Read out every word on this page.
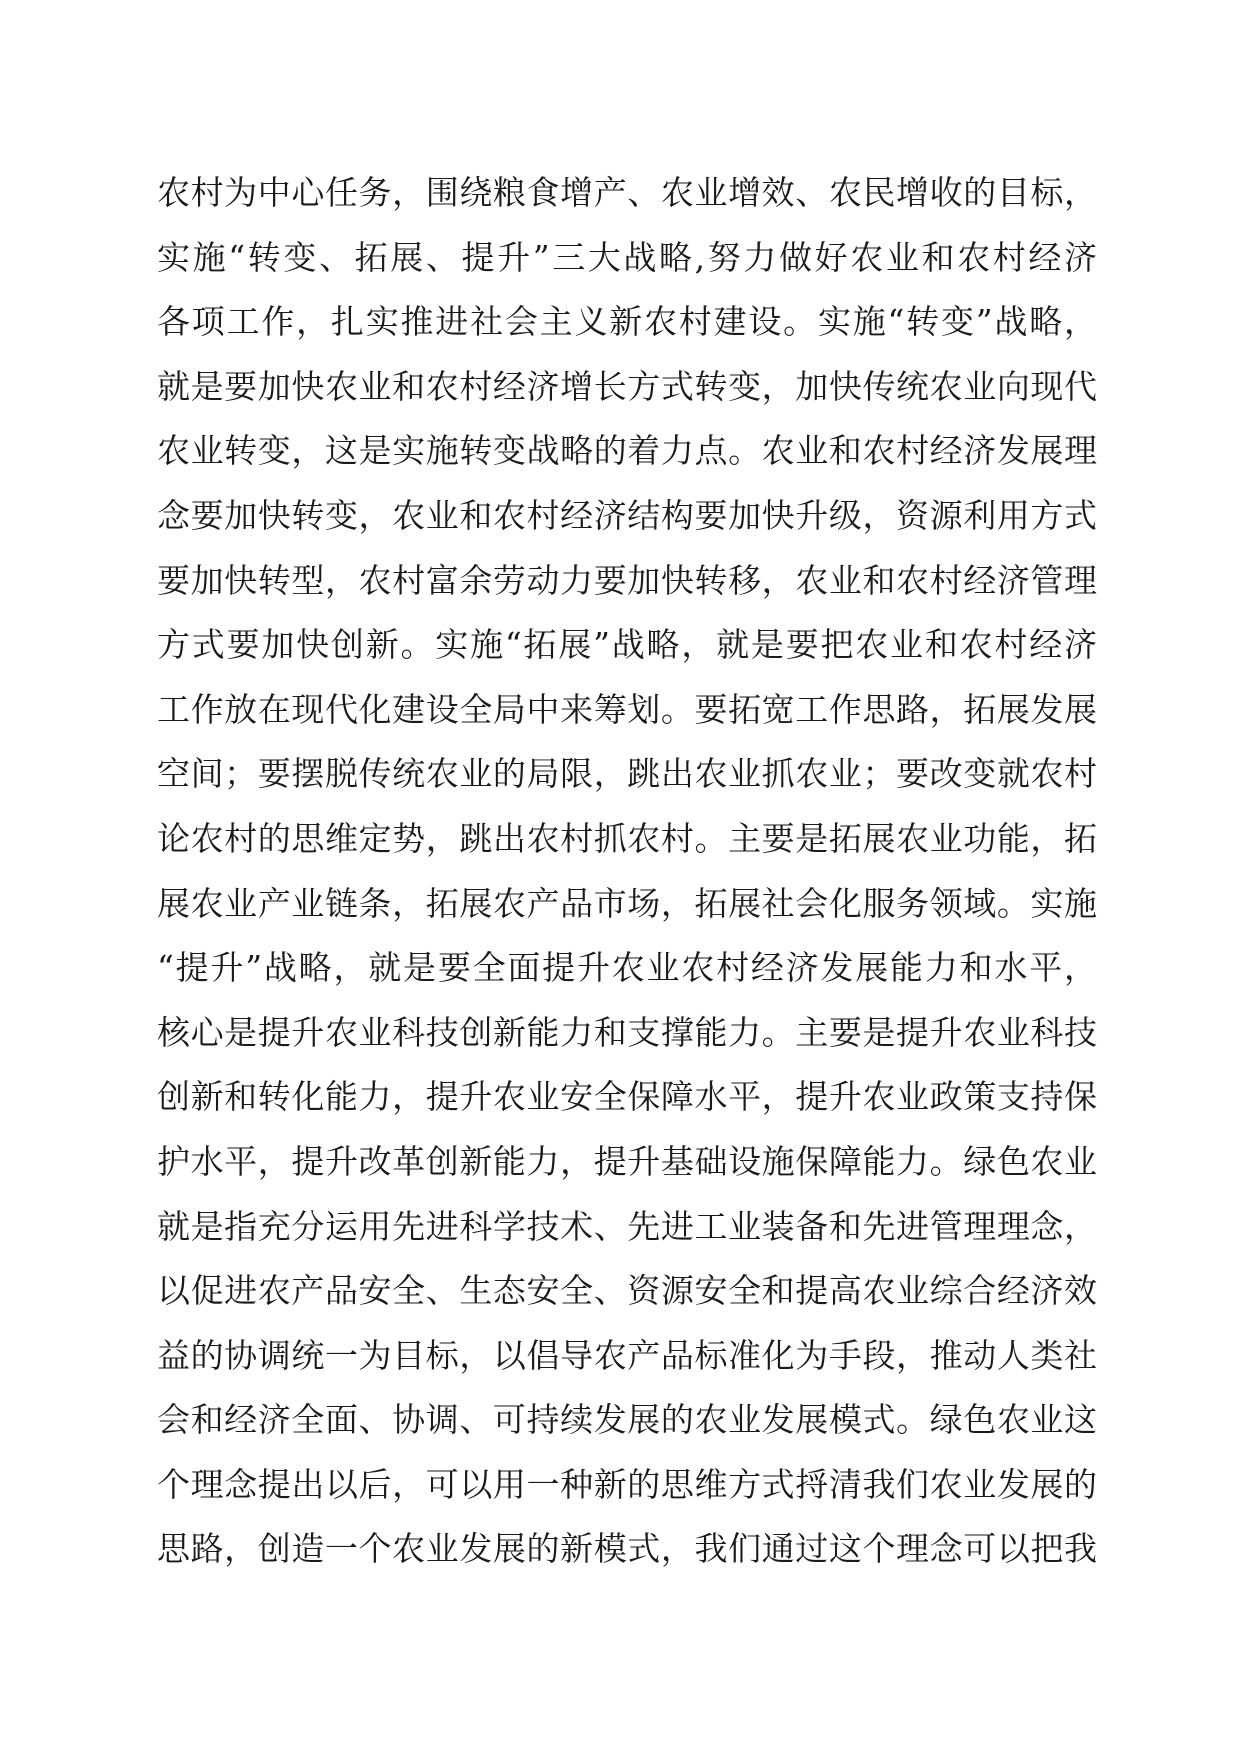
农村为中心任务，围绕粮食增产、农业增效、农民增收的目标，
实施“转变、拓展、提升”三大战略,努力做好农业和农村经济
各项工作，扎实推进社会主义新农村建设。实施“转变”战略，
就是要加快农业和农村经济增长方式转变，加快传统农业向现代
农业转变，这是实施转变战略的着力点。农业和农村经济发展理
念要加快转变，农业和农村经济结构要加快升级，资源利用方式
要加快转型，农村富余劳动力要加快转移，农业和农村经济管理
方式要加快创新。实施“拓展”战略，就是要把农业和农村经济
工作放在现代化建设全局中来筹划。要拓宽工作思路，拓展发展
空间；要摆脱传统农业的局限，跳出农业抓农业；要改变就农村
论农村的思维定势，跳出农村抓农村。主要是拓展农业功能，拓
展农业产业链条，拓展农产品市场，拓展社会化服务领域。实施
“提升”战略，就是要全面提升农业农村经济发展能力和水平，
核心是提升农业科技创新能力和支撑能力。主要是提升农业科技
创新和转化能力，提升农业安全保障水平，提升农业政策支持保
护水平，提升改革创新能力，提升基础设施保障能力。绿色农业
就是指充分运用先进科学技术、先进工业装备和先进管理理念，
以促进农产品安全、生态安全、资源安全和提高农业综合经济效
益的协调统一为目标，以倡导农产品标准化为手段，推动人类社
会和经济全面、协调、可持续发展的农业发展模式。绿色农业这
个理念提出以后，可以用一种新的思维方式捋清我们农业发展的
思路，创造一个农业发展的新模式，我们通过这个理念可以把我
